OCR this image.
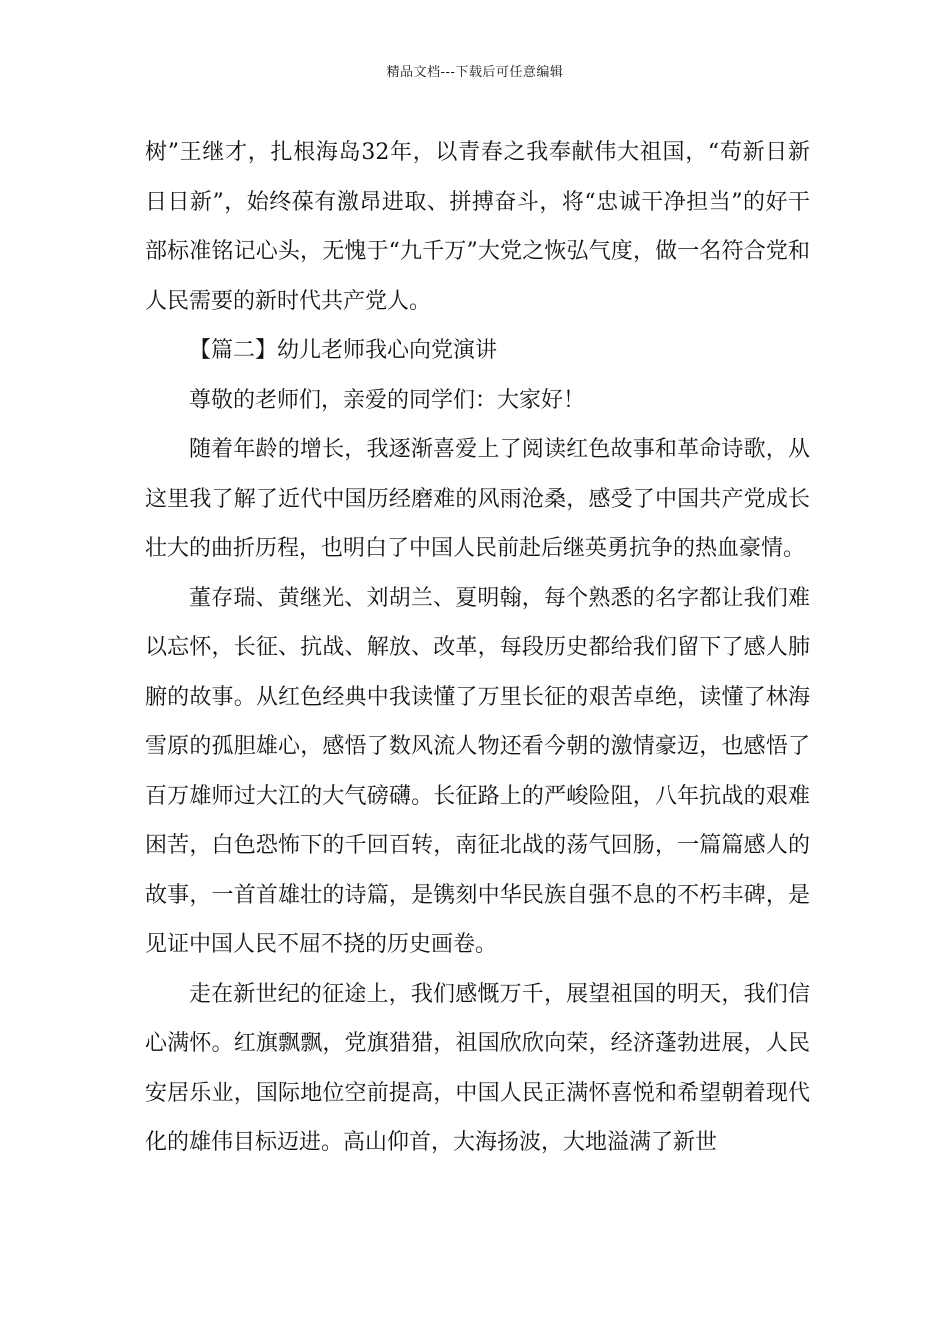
精品文档---下载后可任意编辑

树”王继才，扎根海岛32年，以青春之我奉献伟大祖国，“苟新日新日日新”，始终葆有激昂进取、拼搏奋斗，将“忠诚干净担当”的好干部标准铭记心头，无愧于“九千万”大党之恢弘气度，做一名符合党和人民需要的新时代共产党人。

【篇二】幼儿老师我心向党演讲

尊敬的老师们，亲爱的同学们：大家好！

随着年龄的增长，我逐渐喜爱上了阅读红色故事和革命诗歌，从这里我了解了近代中国历经磨难的风雨沧桑，感受了中国共产党成长壮大的曲折历程，也明白了中国人民前赴后继英勇抗争的热血豪情。

董存瑞、黄继光、刘胡兰、夏明翰，每个熟悉的名字都让我们难以忘怀，长征、抗战、解放、改革，每段历史都给我们留下了感人肺腑的故事。从红色经典中我读懂了万里长征的艰苦卓绝，读懂了林海雪原的孤胆雄心，感悟了数风流人物还看今朝的激情豪迈，也感悟了百万雄师过大江的大气磅礴。长征路上的严峻险阻，八年抗战的艰难困苦，白色恐怖下的千回百转，南征北战的荡气回肠，一篇篇感人的故事，一首首雄壮的诗篇，是镌刻中华民族自强不息的不朽丰碑，是见证中国人民不屈不挠的历史画卷。

走在新世纪的征途上，我们感慨万千，展望祖国的明天，我们信心满怀。红旗飘飘，党旗猎猎，祖国欣欣向荣，经济蓬勃进展，人民安居乐业，国际地位空前提高，中国人民正满怀喜悦和希望朝着现代化的雄伟目标迈进。高山仰首，大海扬波，大地溢满了新世
